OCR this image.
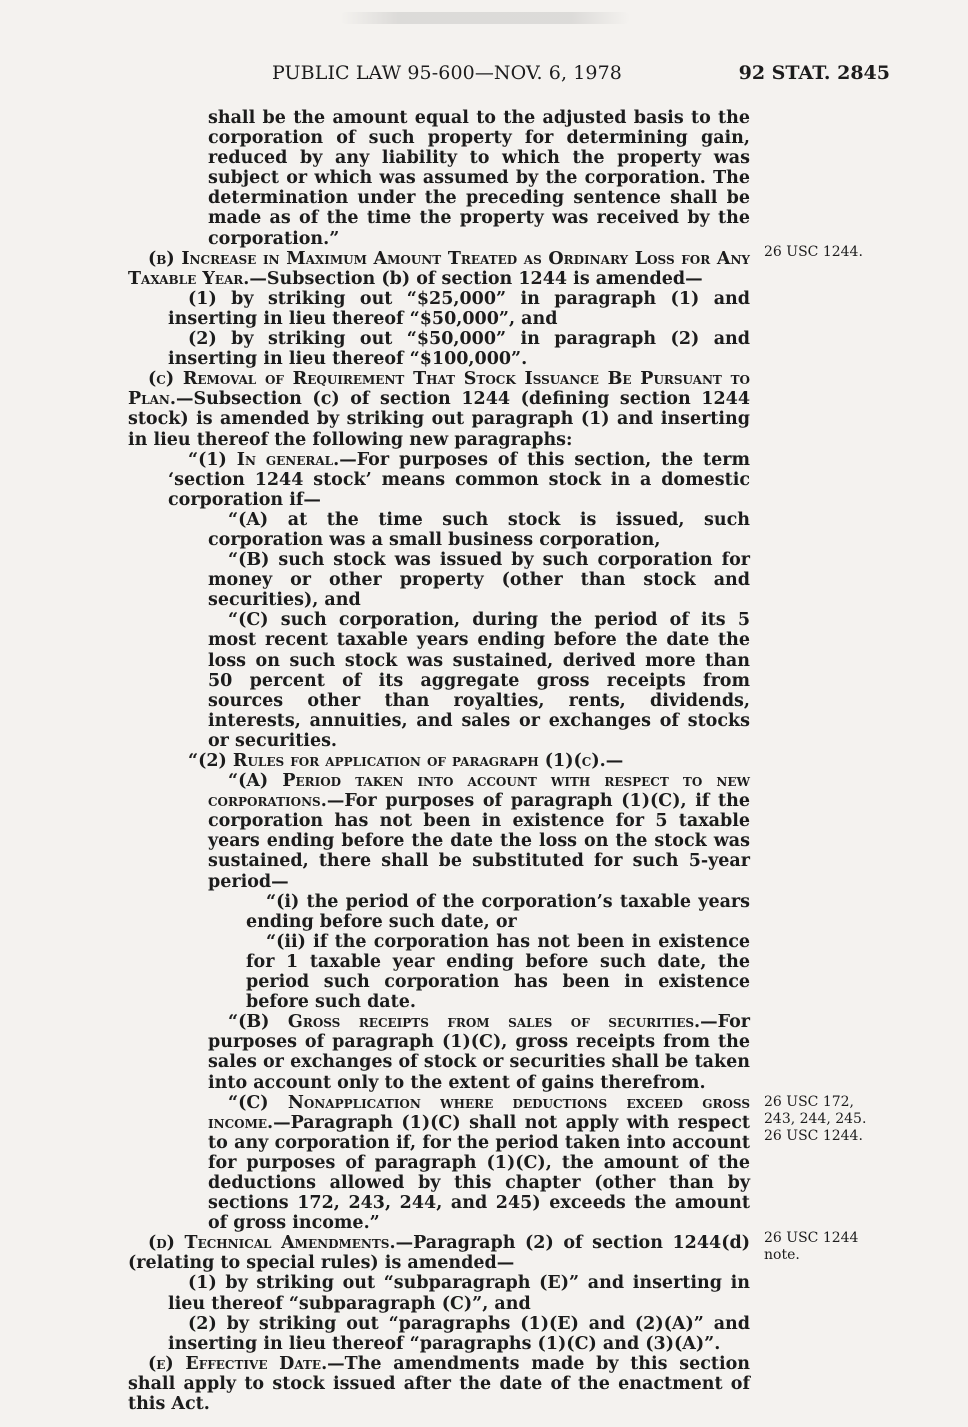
PUBLIC LAW 95-600—NOV. 6, 1978	92 STAT. 2845

shall be the amount equal to the adjusted basis to the corporation of such property for determining gain, reduced by any liability to which the property was subject or which was assumed by the corporation. The determination under the preceding sentence shall be made as of the time the property was received by the corporation.”

(b) Increase in Maximum Amount Treated as Ordinary Loss for Any Taxable Year.—Subsection (b) of section 1244 is amended—

(1) by striking out “$25,000” in paragraph (1) and inserting in lieu thereof “$50,000”, and

(2) by striking out “$50,000” in paragraph (2) and inserting in lieu thereof “$100,000”.

(c) Removal of Requirement That Stock Issuance Be Pursuant to Plan.—Subsection (c) of section 1244 (defining section 1244 stock) is amended by striking out paragraph (1) and inserting in lieu thereof the following new paragraphs:

“(1) In general.—For purposes of this section, the term ‘section 1244 stock’ means common stock in a domestic corporation if—

“(A) at the time such stock is issued, such corporation was a small business corporation,

“(B) such stock was issued by such corporation for money or other property (other than stock and securities), and

“(C) such corporation, during the period of its 5 most recent taxable years ending before the date the loss on such stock was sustained, derived more than 50 percent of its aggregate gross receipts from sources other than royalties, rents, dividends, interests, annuities, and sales or exchanges of stocks or securities.

“(2) Rules for application of paragraph (1)(c).—

“(A) Period taken into account with respect to new corporations.—For purposes of paragraph (1)(C), if the corporation has not been in existence for 5 taxable years ending before the date the loss on the stock was sustained, there shall be substituted for such 5-year period—

“(i) the period of the corporation’s taxable years ending before such date, or

“(ii) if the corporation has not been in existence for 1 taxable year ending before such date, the period such corporation has been in existence before such date.

“(B) Gross receipts from sales of securities.—For purposes of paragraph (1)(C), gross receipts from the sales or exchanges of stock or securities shall be taken into account only to the extent of gains therefrom.

“(C) Nonapplication where deductions exceed gross income.—Paragraph (1)(C) shall not apply with respect to any corporation if, for the period taken into account for purposes of paragraph (1)(C), the amount of the deductions allowed by this chapter (other than by sections 172, 243, 244, and 245) exceeds the amount of gross income.”

(d) Technical Amendments.—Paragraph (2) of section 1244(d) (relating to special rules) is amended—

(1) by striking out “subparagraph (E)” and inserting in lieu thereof “subparagraph (C)”, and

(2) by striking out “paragraphs (1)(E) and (2)(A)” and inserting in lieu thereof “paragraphs (1)(C) and (3)(A)”.

(e) Effective Date.—The amendments made by this section shall apply to stock issued after the date of the enactment of this Act.

26 USC 1244.
26 USC 172,
243, 244, 245.
26 USC 1244.
26 USC 1244
note.
